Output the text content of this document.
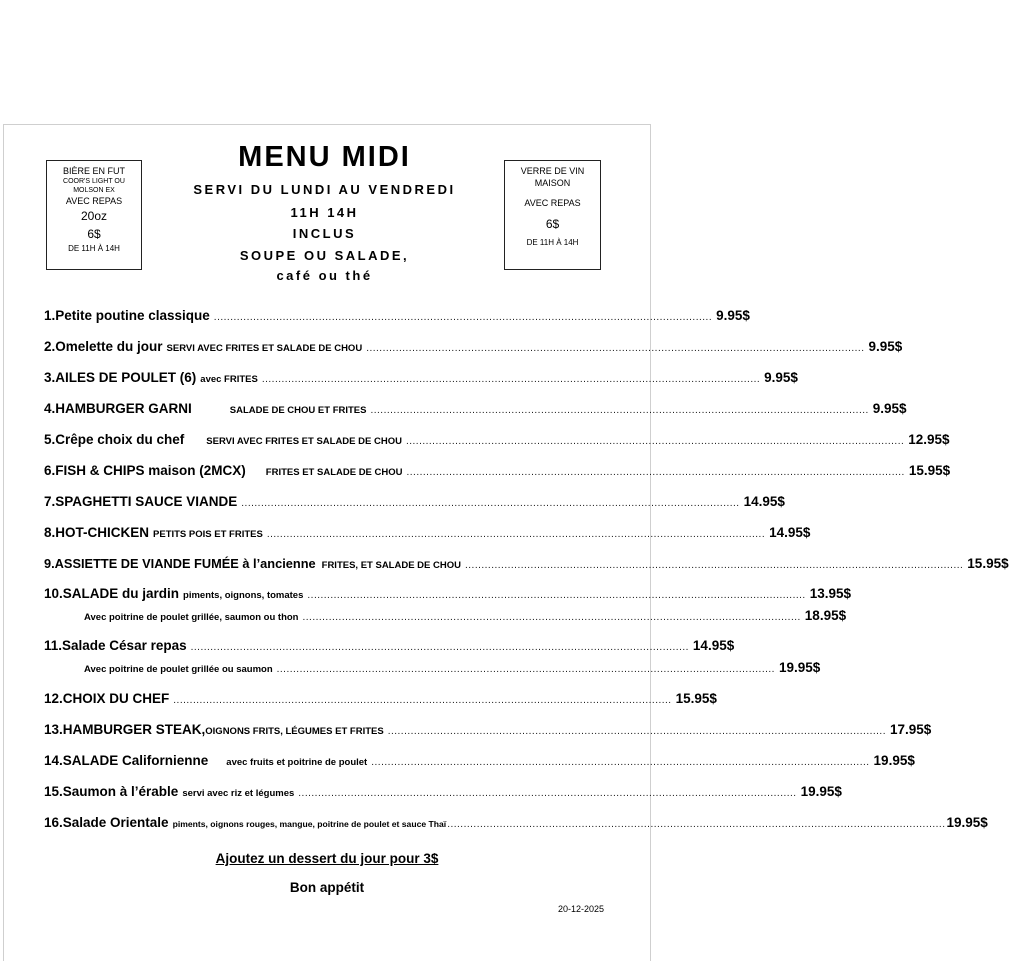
BIÈRE EN FUT
COOR'S LIGHT OU
MOLSON EX
AVEC REPAS
20oz
6$
DE 11H À 14H
VERRE DE VIN
MAISON
AVEC REPAS
6$
DE 11H À 14H
MENU MIDI
SERVI DU LUNDI AU VENDREDI
11H 14H
INCLUS
SOUPE OU SALADE,
café ou thé
1.Petite poutine classique ........................................................................................................................................................ 9.95$
2.Omelette du jour SERVI AVEC FRITES ET SALADE DE CHOU ........................................................................................................................................................ 9.95$
3.AILES DE POULET (6) avec FRITES ........................................................................................................................................................ 9.95$
4.HAMBURGER GARNI	SALADE DE CHOU ET FRITES ........................................................................................................................................................ 9.95$
5.Crêpe choix du chef	SERVI AVEC FRITES ET SALADE DE CHOU ........................................................................................................................................................ 12.95$
6.FISH & CHIPS maison (2MCX)	FRITES ET SALADE DE CHOU ........................................................................................................................................................ 15.95$
7.SPAGHETTI SAUCE VIANDE ........................................................................................................................................................ 14.95$
8.HOT-CHICKEN PETITS POIS ET FRITES ........................................................................................................................................................ 14.95$
9.ASSIETTE DE VIANDE FUMÉE à l’ancienne FRITES, ET SALADE DE CHOU ........................................................................................................................................................ 15.95$
10.SALADE du jardin piments, oignons, tomates ........................................................................................................................................................ 13.95$
Avec poitrine de poulet grillée, saumon ou thon ........................................................................................................................................................ 18.95$
11.Salade César repas ........................................................................................................................................................ 14.95$
Avec poitrine de poulet grillée ou saumon ........................................................................................................................................................ 19.95$
12.CHOIX DU CHEF ........................................................................................................................................................ 15.95$
13.HAMBURGER STEAK, OIGNONS FRITS, LÉGUMES ET FRITES ........................................................................................................................................................ 17.95$
14.SALADE Californienne	avec fruits et poitrine de poulet ........................................................................................................................................................ 19.95$
15.Saumon à l’érable servi avec riz et légumes ........................................................................................................................................................ 19.95$
16.Salade Orientale piments, oignons rouges, mangue, poitrine de poulet et sauce Thaï ........................................................................................................................................................ 19.95$
Ajoutez un dessert du jour pour 3$
Bon appétit
20-12-2025
